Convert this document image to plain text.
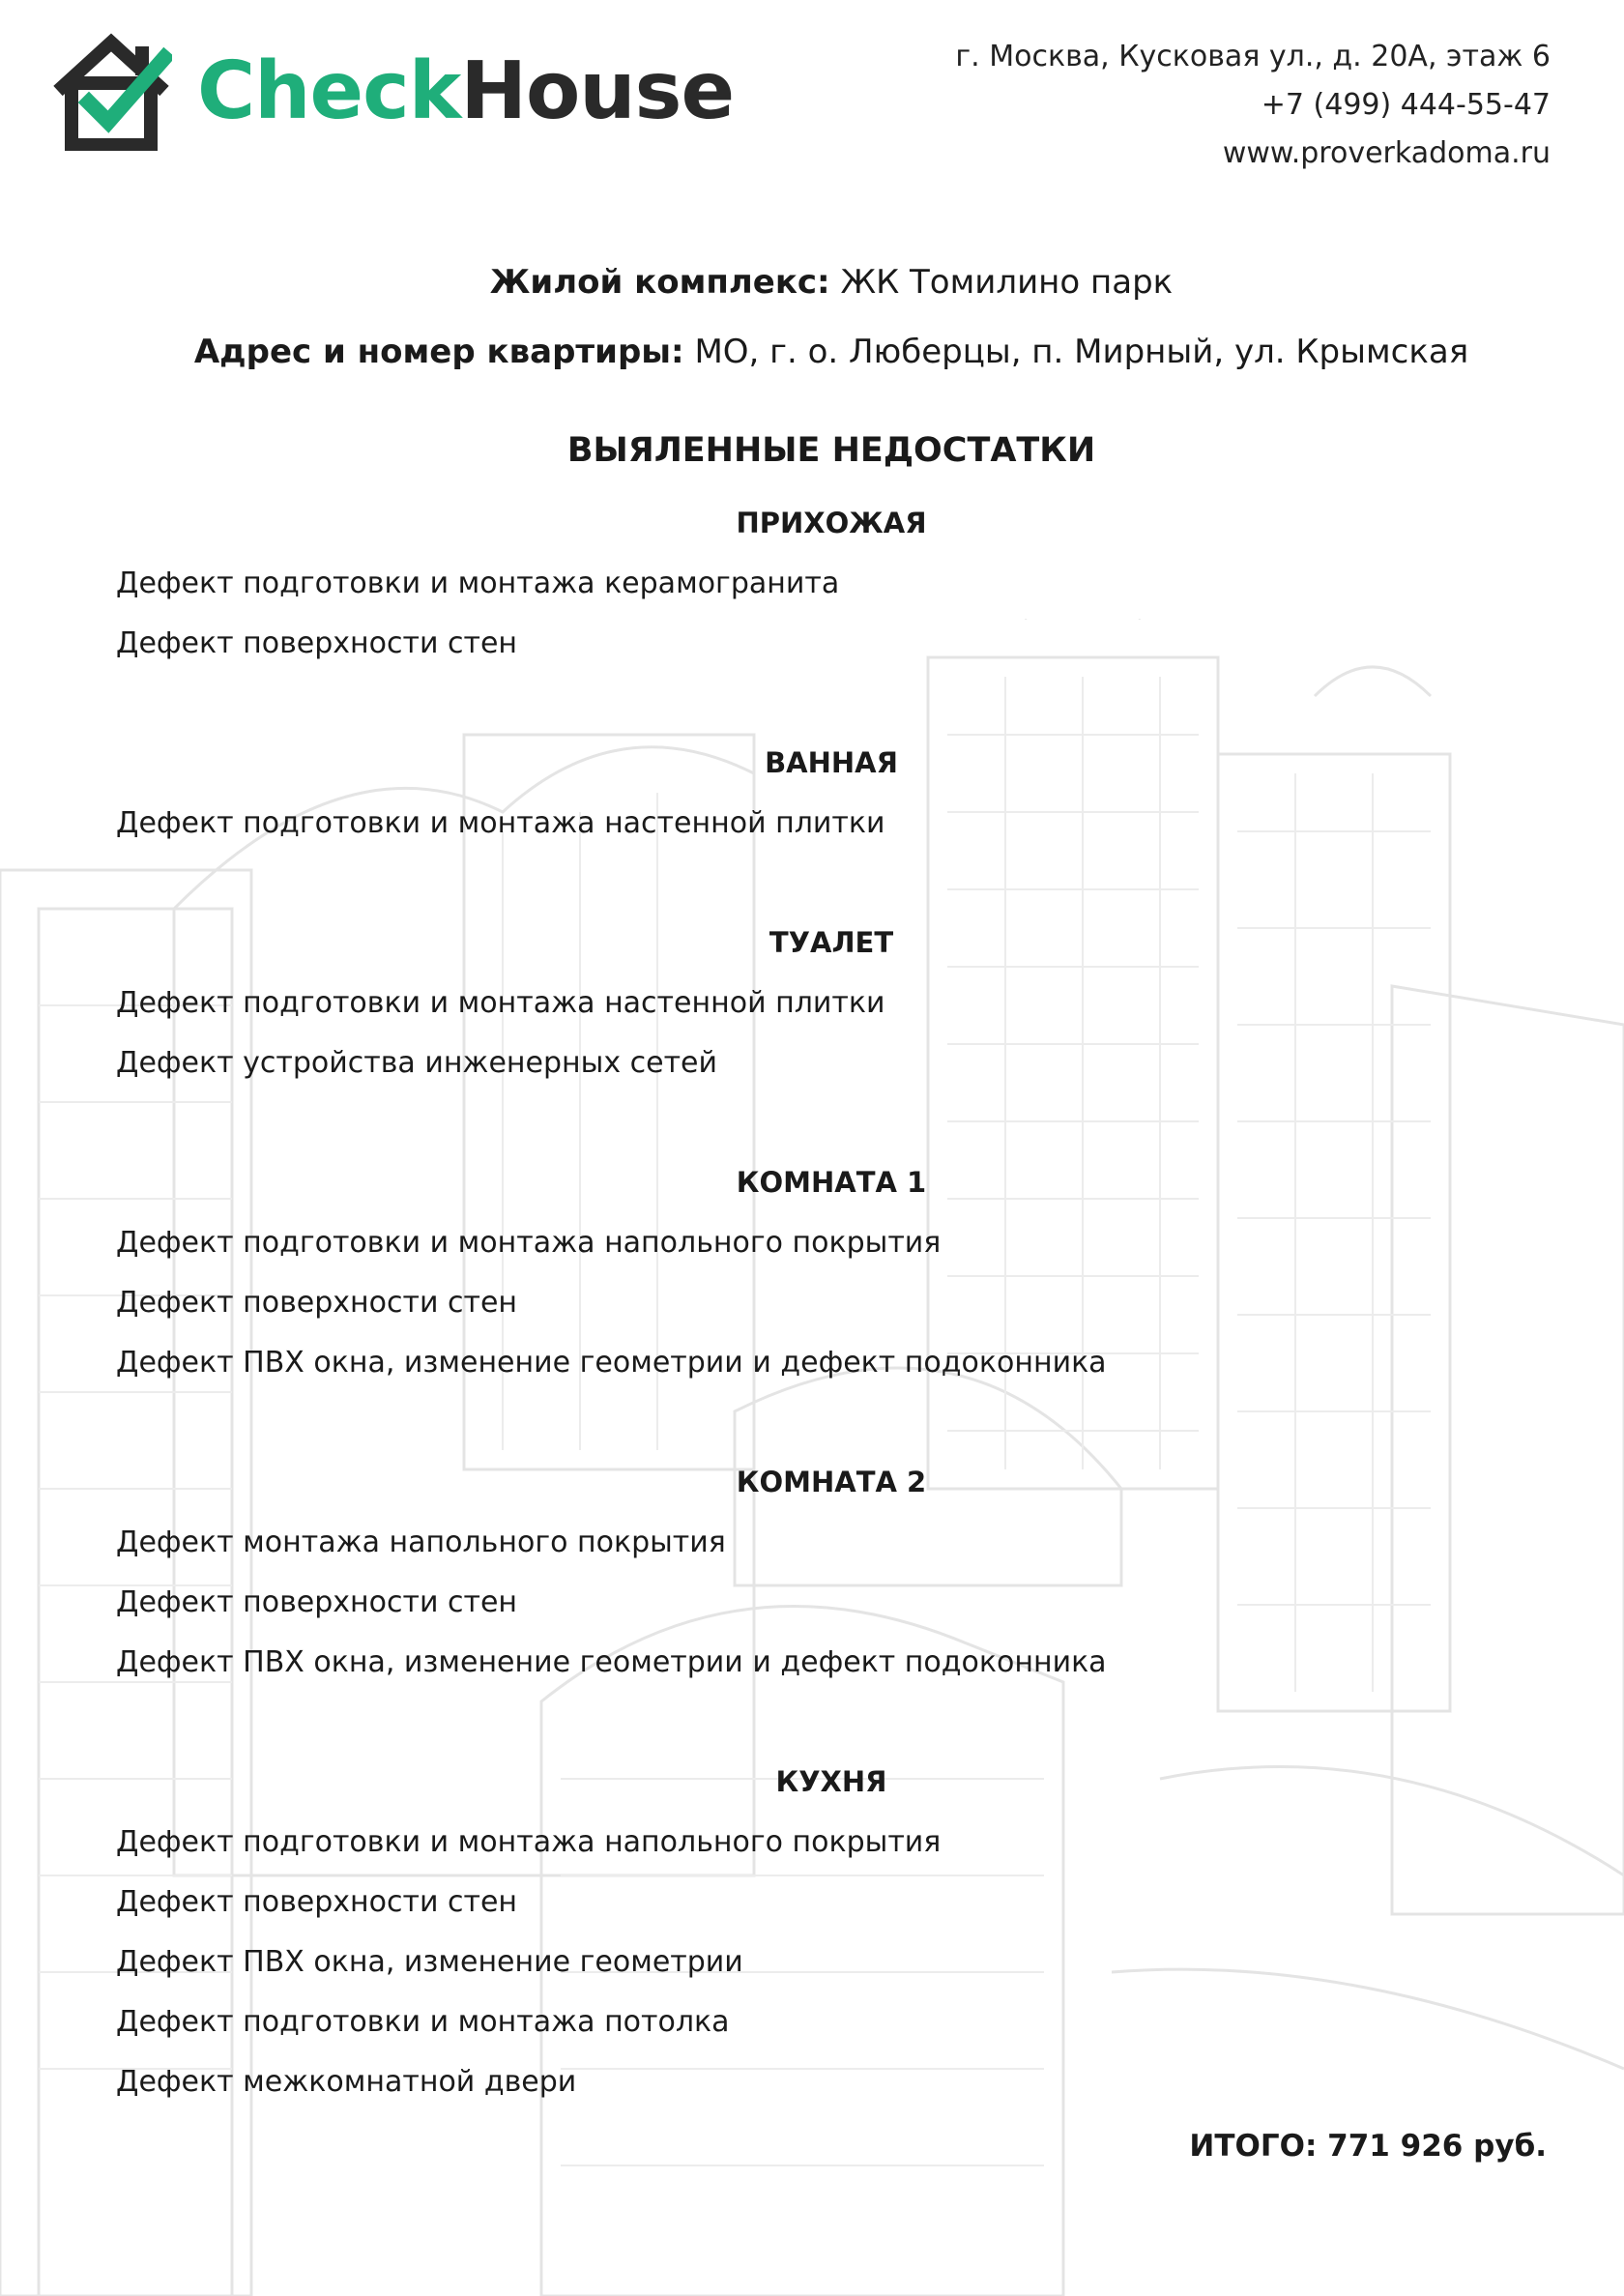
CheckHouse	г. Москва, Кусковая ул., д. 20А, этаж 6
+7 (499) 444-55-47
www.proverkadoma.ru
Жилой комплекс: ЖК Томилино парк
Адрес и номер квартиры: МО, г. о. Люберцы, п. Мирный, ул. Крымская
ВЫЯЛЕННЫЕ НЕДОСТАТКИ
ПРИХОЖАЯ
Дефект подготовки и монтажа керамогранита
Дефект поверхности стен
ВАННАЯ
Дефект подготовки и монтажа настенной плитки
ТУАЛЕТ
Дефект подготовки и монтажа настенной плитки
Дефект устройства инженерных сетей
КОМНАТА 1
Дефект подготовки и монтажа напольного покрытия
Дефект поверхности стен
Дефект ПВХ окна, изменение геометрии и дефект подоконника
КОМНАТА 2
Дефект монтажа напольного покрытия
Дефект поверхности стен
Дефект ПВХ окна, изменение геометрии и дефект подоконника
КУХНЯ
Дефект подготовки и монтажа напольного покрытия
Дефект поверхности стен
Дефект ПВХ окна, изменение геометрии
Дефект подготовки и монтажа потолка
Дефект межкомнатной двери
ИТОГО: 771 926 руб.
